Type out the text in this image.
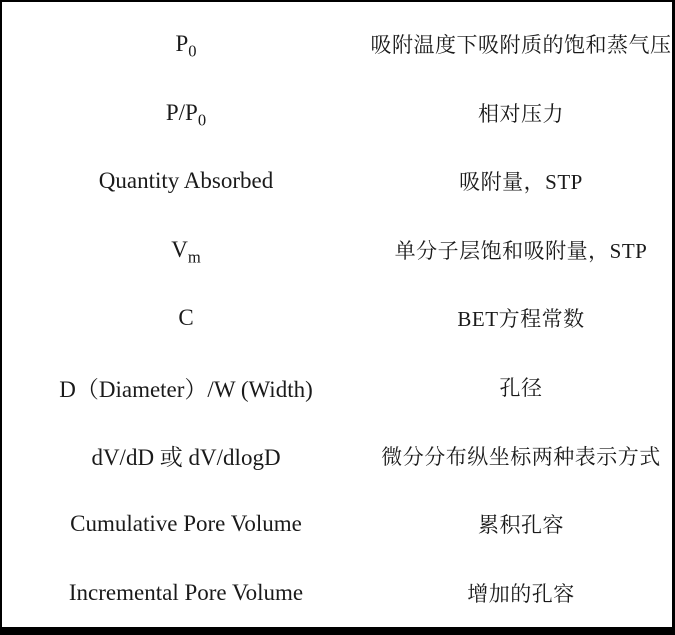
$P_0$	吸附温度下吸附质的饱和蒸气压
$P/P_0$	相对压力
Quantity Absorbed	吸附量，STP
$V_m$	单分子层饱和吸附量，STP
C	BET方程常数
D（Diameter）/W (Width)	孔径
dV/dD 或 dV/dlogD	微分分布纵坐标两种表示方式
Cumulative Pore Volume	累积孔容
Incremental Pore Volume	增加的孔容
